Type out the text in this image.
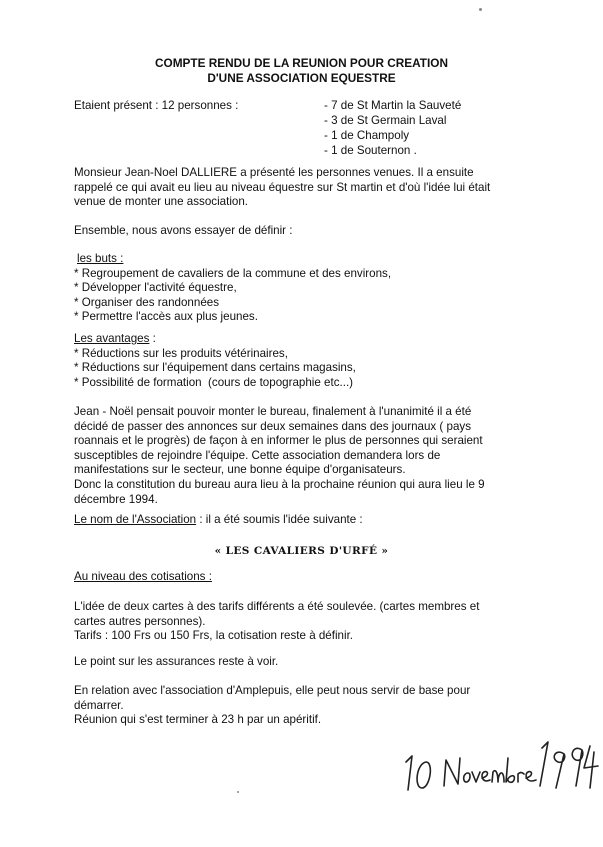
COMPTE RENDU DE LA REUNION POUR CREATION
D'UNE ASSOCIATION EQUESTRE
Etaient présent : 12 personnes :	- 7 de St Martin la Sauveté
- 3 de St Germain Laval
- 1 de Champoly
- 1 de Souternon .
Monsieur Jean-Noel DALLIERE a présenté les personnes venues. Il a ensuite
rappelé ce qui avait eu lieu au niveau équestre sur St martin et d'où l'idée lui était
venue de monter une association.
Ensemble, nous avons essayer de définir :
les buts :
* Regroupement de cavaliers de la commune et des environs,
* Développer l'activité équestre,
* Organiser des randonnées
* Permettre l'accès aux plus jeunes.
Les avantages :
* Réductions sur les produits vétérinaires,
* Réductions sur l'équipement dans certains magasins,
* Possibilité de formation  (cours de topographie etc...)
Jean - Noël pensait pouvoir monter le bureau, finalement à l'unanimité il a été
décidé de passer des annonces sur deux semaines dans des journaux ( pays
roannais et le progrès) de façon à en informer le plus de personnes qui seraient
susceptibles de rejoindre l'équipe. Cette association demandera lors de
manifestations sur le secteur, une bonne équipe d'organisateurs.
Donc la constitution du bureau aura lieu à la prochaine réunion qui aura lieu le 9
décembre 1994.
Le nom de l'Association : il a été soumis l'idée suivante :
« LES CAVALIERS D'URFÉ »
Au niveau des cotisations :
L'idée de deux cartes à des tarifs différents a été soulevée. (cartes membres et
cartes autres personnes).
Tarifs : 100 Frs ou 150 Frs, la cotisation reste à définir.
Le point sur les assurances reste à voir.
En relation avec l'association d'Amplepuis, elle peut nous servir de base pour
démarrer.
Réunion qui s'est terminer à 23 h par un apéritif.
